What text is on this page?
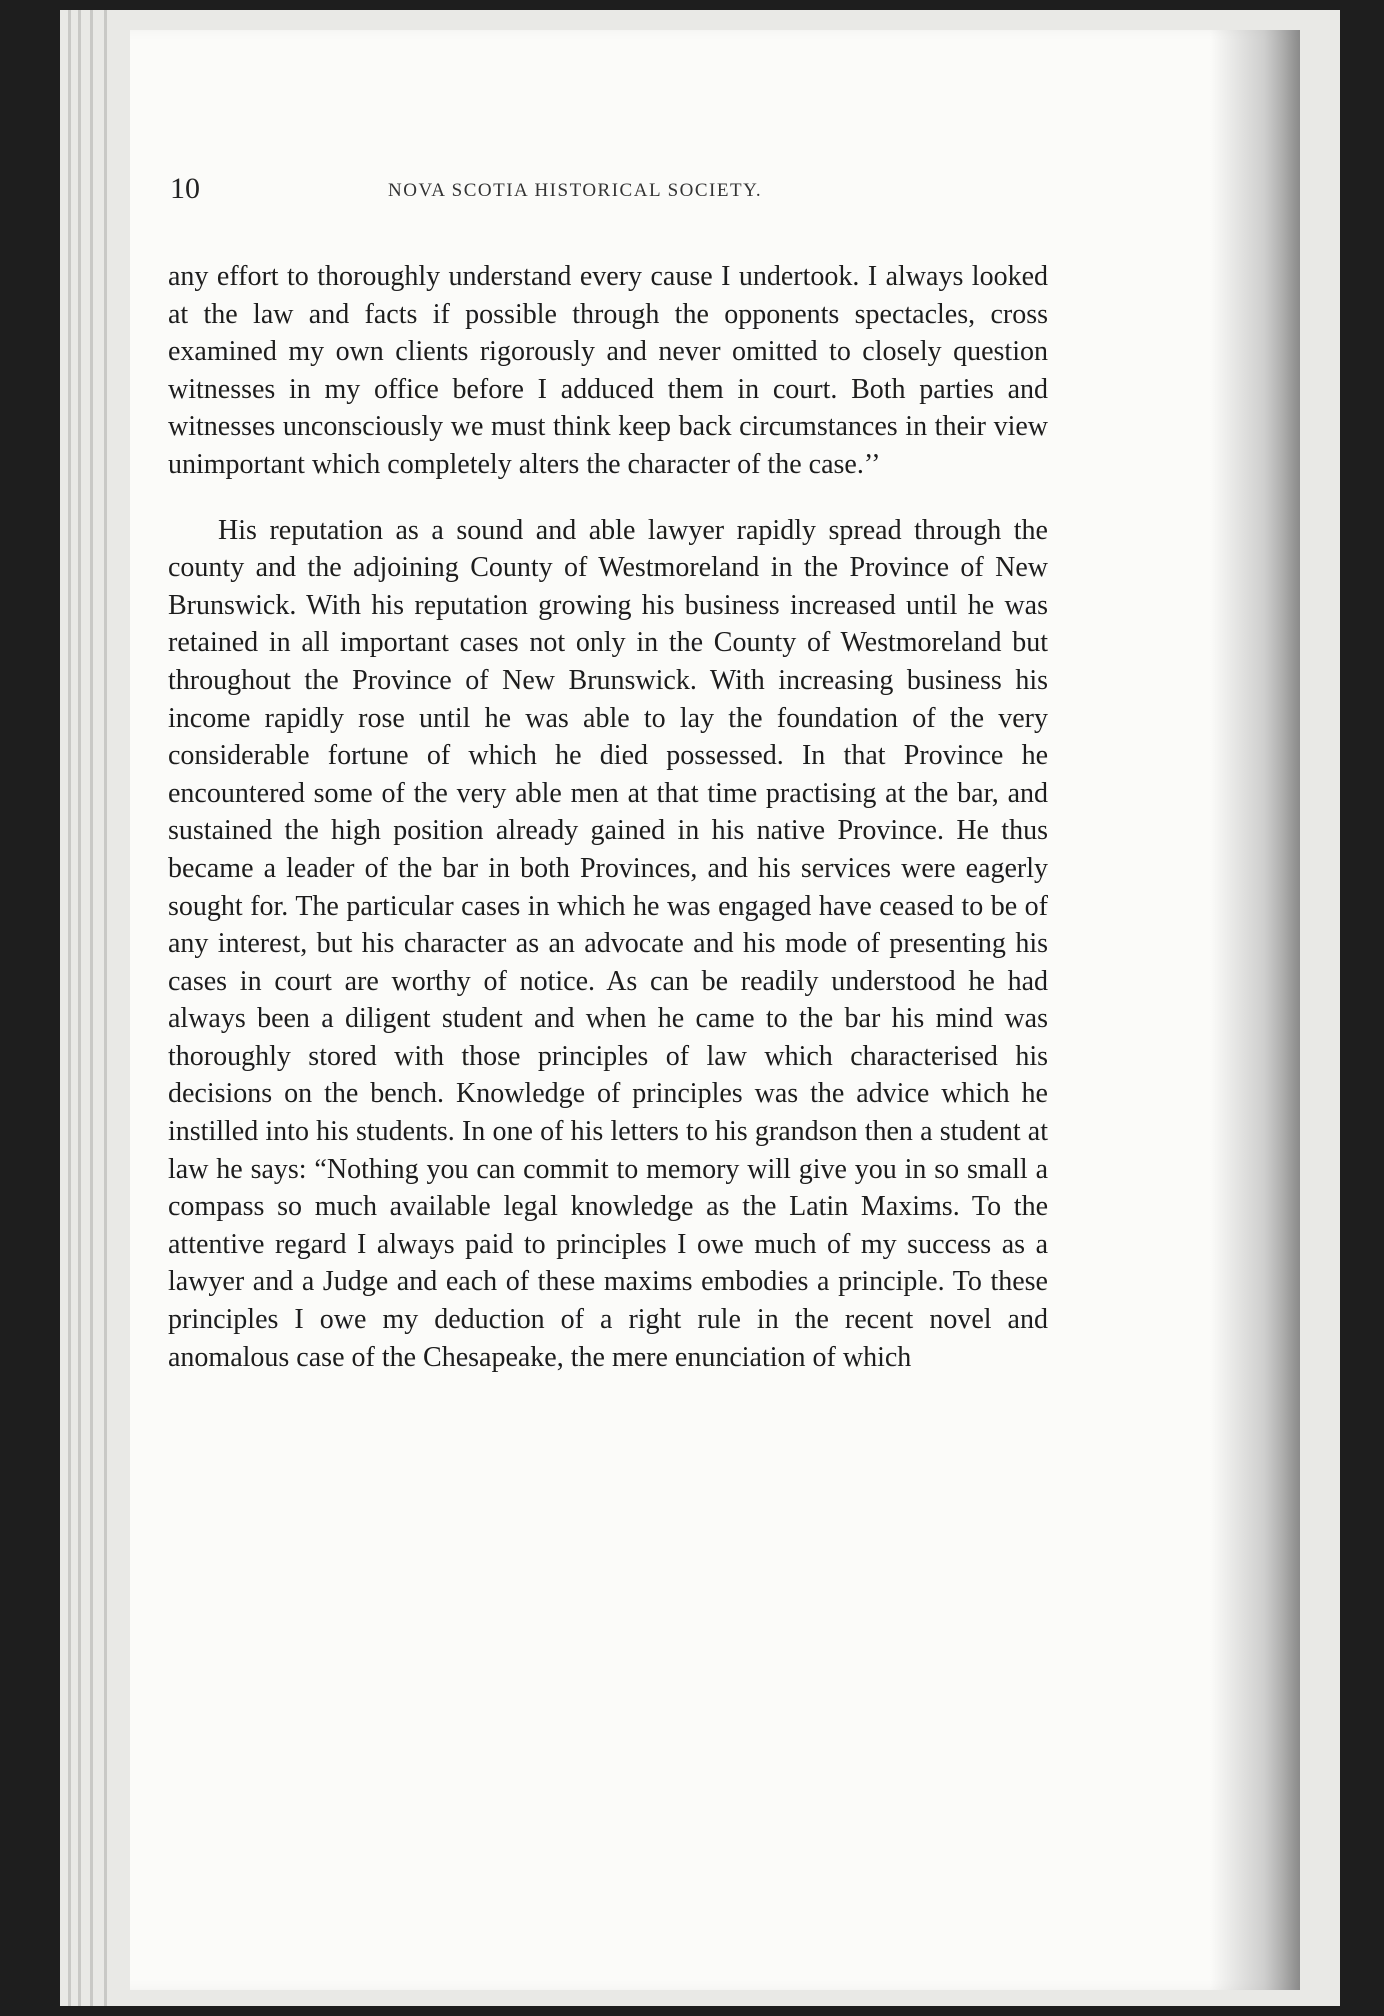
10	NOVA SCOTIA HISTORICAL SOCIETY.

any effort to thoroughly understand every cause I undertook. I always looked at the law and facts if possible through the opponents spectacles, cross examined my own clients rigorously and never omitted to closely question witnesses in my office before I adduced them in court. Both parties and witnesses unconsciously we must think keep back circumstances in their view unimportant which completely alters the character of the case.’’

His reputation as a sound and able lawyer rapidly spread through the county and the adjoining County of Westmoreland in the Province of New Brunswick. With his reputation growing his business increased until he was retained in all important cases not only in the County of Westmoreland but throughout the Province of New Brunswick. With increasing business his income rapidly rose until he was able to lay the foundation of the very considerable fortune of which he died possessed. In that Province he encountered some of the very able men at that time practising at the bar, and sustained the high position already gained in his native Province. He thus became a leader of the bar in both Provinces, and his services were eagerly sought for. The particular cases in which he was engaged have ceased to be of any interest, but his character as an advocate and his mode of presenting his cases in court are worthy of notice. As can be readily understood he had always been a diligent student and when he came to the bar his mind was thoroughly stored with those principles of law which characterised his decisions on the bench. Knowledge of principles was the advice which he instilled into his students. In one of his letters to his grandson then a student at law he says: “Nothing you can commit to memory will give you in so small a compass so much available legal knowledge as the Latin Maxims. To the attentive regard I always paid to principles I owe much of my success as a lawyer and a Judge and each of these maxims embodies a principle. To these principles I owe my deduction of a right rule in the recent novel and anomalous case of the Chesapeake, the mere enunciation of which
